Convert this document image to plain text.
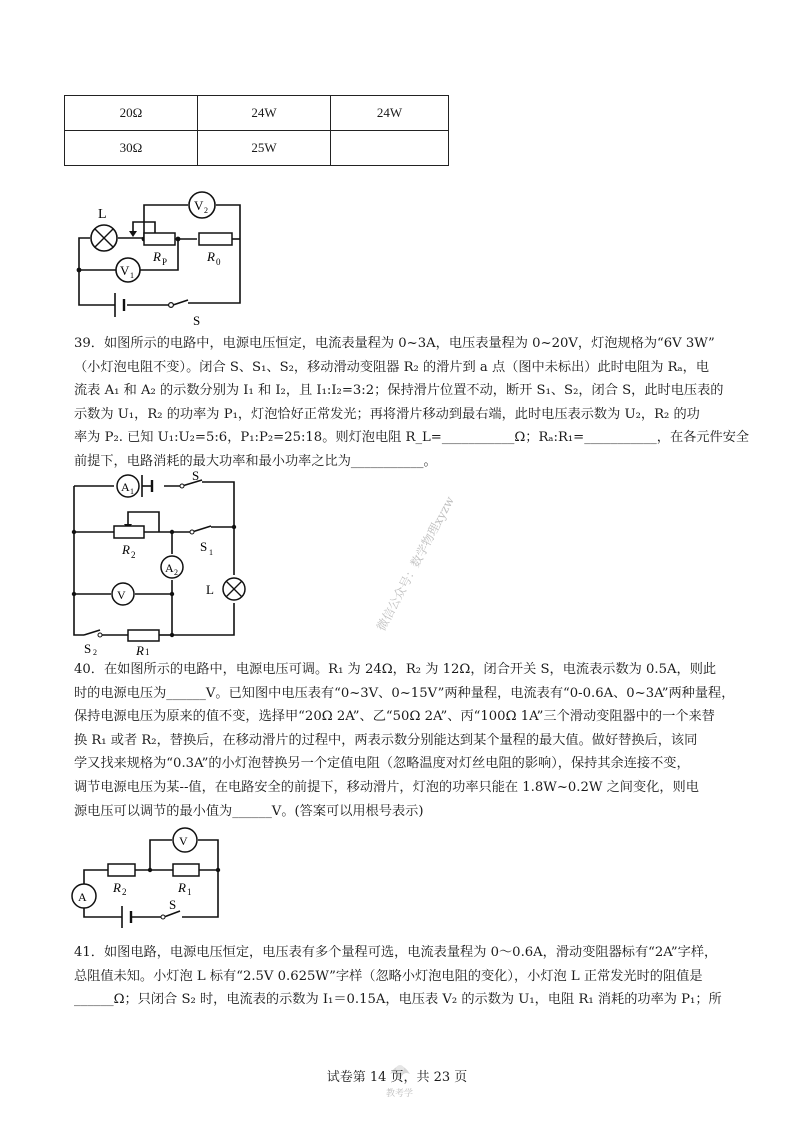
20Ω	24W	24W
30Ω	25W	
L
R P	R 0
V 1
V 2
S
39．如图所示的电路中，电源电压恒定，电流表量程为 0~3A，电压表量程为 0~20V，灯泡规格为“6V 3W”
（小灯泡电阻不变）。闭合 S、S₁、S₂，移动滑动变阻器 R₂ 的滑片到 a 点（图中未标出）此时电阻为 Rₐ，电
流表 A₁ 和 A₂ 的示数分别为 I₁ 和 I₂，且 I₁:I₂=3:2；保持滑片位置不动，断开 S₁、S₂，闭合 S，此时电压表的
示数为 U₁，R₂ 的功率为 P₁，灯泡恰好正常发光；再将滑片移动到最右端，此时电压表示数为 U₂，R₂ 的功
率为 P₂. 已知 U₁:U₂=5:6，P₁:P₂=25:18。则灯泡电阻 R_L=___________Ω；Rₐ:R₁=___________，在各元件安全
前提下，电路消耗的最大功率和最小功率之比为___________。
A 1
S
R 2
S 1
A 2
V	L
R 1
S 2
微信公众号：数学物理xyzw
40．在如图所示的电路中，电源电压可调。R₁ 为 24Ω，R₂ 为 12Ω，闭合开关 S，电流表示数为 0.5A，则此
时的电源电压为______V。已知图中电压表有“0~3V、0~15V”两种量程，电流表有“0-0.6A、0~3A”两种量程，
保持电源电压为原来的值不变，选择甲“20Ω 2A”、乙“50Ω 2A”、丙“100Ω 1A”三个滑动变阻器中的一个来替
换 R₁ 或者 R₂，替换后，在移动滑片的过程中，两表示数分别能达到某个量程的最大值。做好替换后，该同
学又找来规格为“0.3A”的小灯泡替换另一个定值电阻（忽略温度对灯丝电阻的影响），保持其余连接不变，
调节电源电压为某--值，在电路安全的前提下，移动滑片，灯泡的功率只能在 1.8W~0.2W 之间变化，则电
源电压可以调节的最小值为______V。(答案可以用根号表示)
V
A
R 2	R 1
S
41．如图电路，电源电压恒定，电压表有多个量程可选，电流表量程为 0～0.6A，滑动变阻器标有“2A”字样，
总阻值未知。小灯泡 L 标有“2.5V 0.625W”字样（忽略小灯泡电阻的变化），小灯泡 L 正常发光时的阻值是
______Ω；只闭合 S₂ 时，电流表的示数为 I₁＝0.15A，电压表 V₂ 的示数为 U₁，电阻 R₁ 消耗的功率为 P₁；所
教考学
试卷第 14 页，共 23 页
